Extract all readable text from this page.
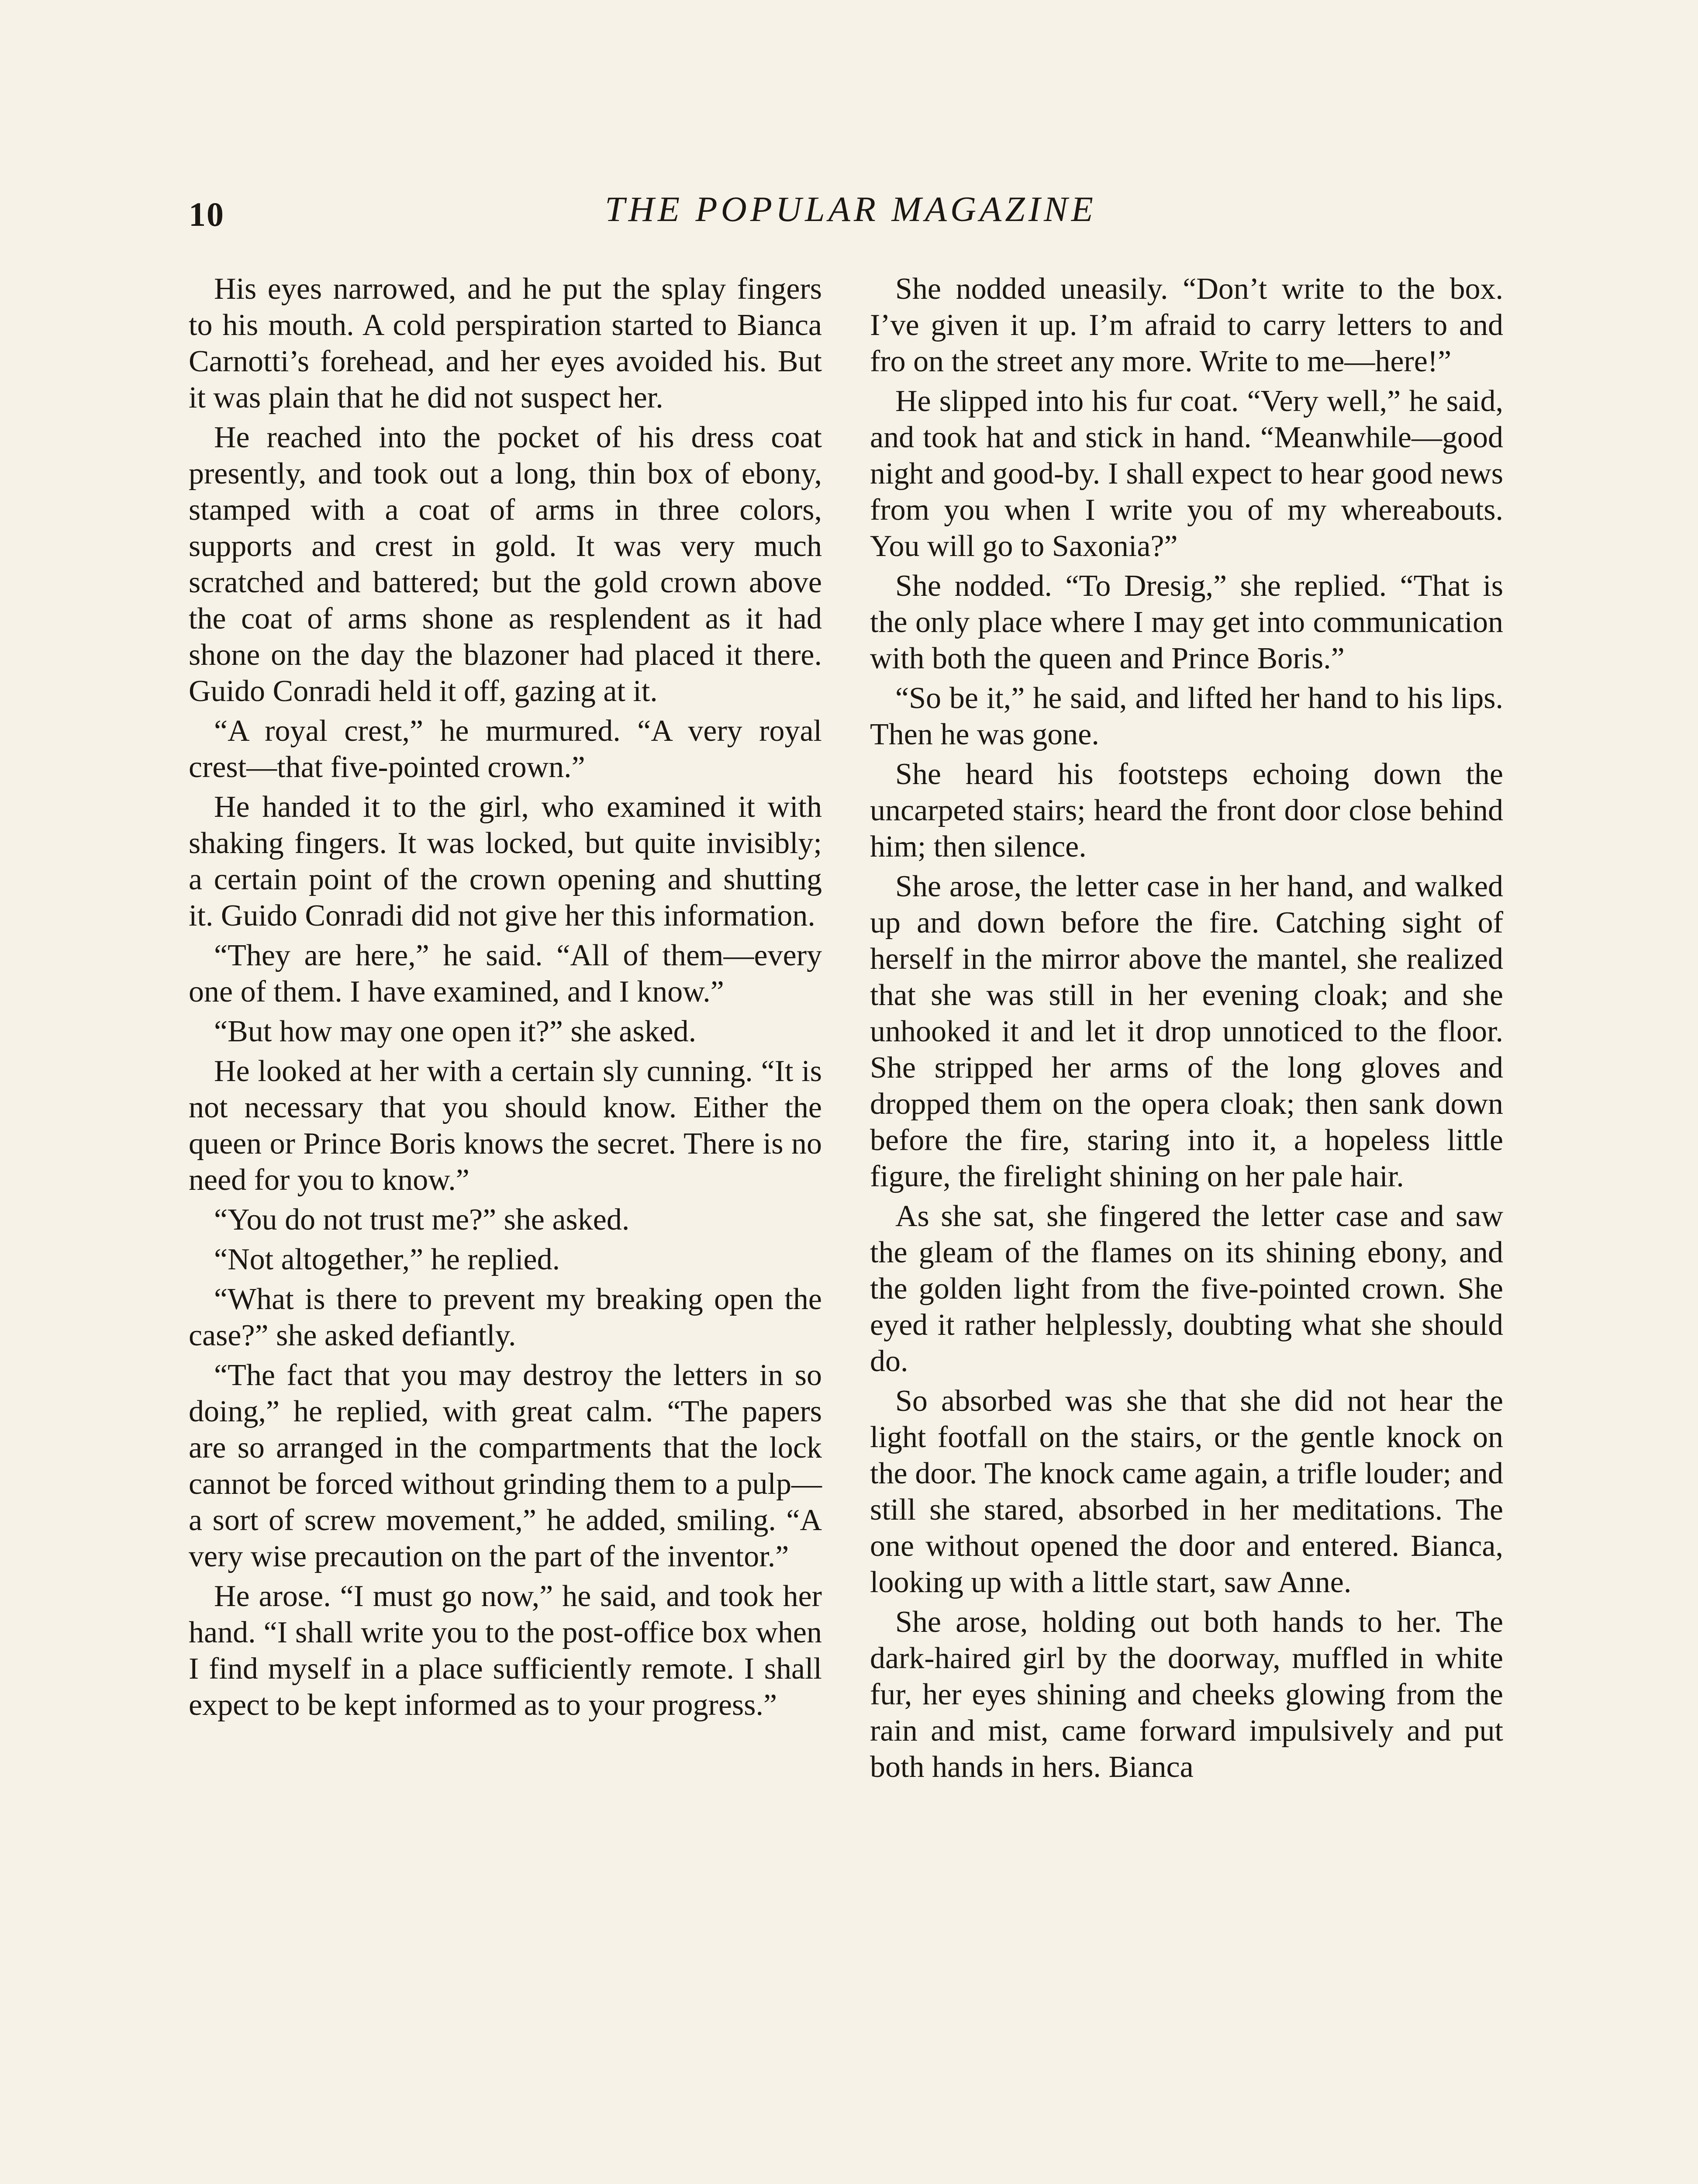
10	THE POPULAR MAGAZINE

His eyes narrowed, and he put the splay fingers to his mouth. A cold perspiration started to Bianca Carnotti’s forehead, and her eyes avoided his. But it was plain that he did not suspect her.

He reached into the pocket of his dress coat presently, and took out a long, thin box of ebony, stamped with a coat of arms in three colors, supports and crest in gold. It was very much scratched and battered; but the gold crown above the coat of arms shone as resplendent as it had shone on the day the blazoner had placed it there. Guido Conradi held it off, gazing at it.

“A royal crest,” he murmured. “A very royal crest—that five-pointed crown.”

He handed it to the girl, who examined it with shaking fingers. It was locked, but quite invisibly; a certain point of the crown opening and shutting it. Guido Conradi did not give her this information.

“They are here,” he said. “All of them—every one of them. I have examined, and I know.”

“But how may one open it?” she asked.

He looked at her with a certain sly cunning. “It is not necessary that you should know. Either the queen or Prince Boris knows the secret. There is no need for you to know.”

“You do not trust me?” she asked.

“Not altogether,” he replied.

“What is there to prevent my breaking open the case?” she asked defiantly.

“The fact that you may destroy the letters in so doing,” he replied, with great calm. “The papers are so arranged in the compartments that the lock cannot be forced without grinding them to a pulp—a sort of screw movement,” he added, smiling. “A very wise precaution on the part of the inventor.”

He arose. “I must go now,” he said, and took her hand. “I shall write you to the post-office box when I find myself in a place sufficiently remote. I shall expect to be kept informed as to your progress.”

She nodded uneasily. “Don’t write to the box. I’ve given it up. I’m afraid to carry letters to and fro on the street any more. Write to me—here!”

He slipped into his fur coat. “Very well,” he said, and took hat and stick in hand. “Meanwhile—good night and good-by. I shall expect to hear good news from you when I write you of my whereabouts. You will go to Saxonia?”

She nodded. “To Dresig,” she replied. “That is the only place where I may get into communication with both the queen and Prince Boris.”

“So be it,” he said, and lifted her hand to his lips. Then he was gone.

She heard his footsteps echoing down the uncarpeted stairs; heard the front door close behind him; then silence.

She arose, the letter case in her hand, and walked up and down before the fire. Catching sight of herself in the mirror above the mantel, she realized that she was still in her evening cloak; and she unhooked it and let it drop unnoticed to the floor. She stripped her arms of the long gloves and dropped them on the opera cloak; then sank down before the fire, staring into it, a hopeless little figure, the firelight shining on her pale hair.

As she sat, she fingered the letter case and saw the gleam of the flames on its shining ebony, and the golden light from the five-pointed crown. She eyed it rather helplessly, doubting what she should do.

So absorbed was she that she did not hear the light footfall on the stairs, or the gentle knock on the door. The knock came again, a trifle louder; and still she stared, absorbed in her meditations. The one without opened the door and entered. Bianca, looking up with a little start, saw Anne.

She arose, holding out both hands to her. The dark-haired girl by the doorway, muffled in white fur, her eyes shining and cheeks glowing from the rain and mist, came forward impulsively and put both hands in hers. Bianca
